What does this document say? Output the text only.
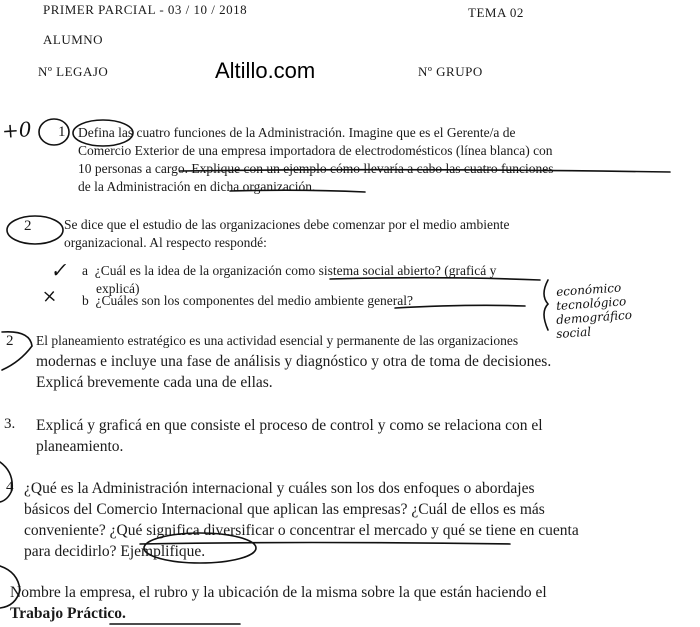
PRIMER PARCIAL - 03 / 10 / 2018	TEMA 02
ALUMNO
Nº LEGAJO	Altillo.com	Nº GRUPO
1 Defina las cuatro funciones de la Administración. Imagine que es el Gerente/a de

Comercio Exterior de una empresa importadora de electrodomésticos (línea blanca) con

10 personas a cargo. Explique con un ejemplo cómo llevaría a cabo las cuatro funciones

de la Administración en dicha organización.

2 Se dice que el estudio de las organizaciones debe comenzar por el medio ambiente

organizacional. Al respecto respondé:

a ¿Cuál es la idea de la organización como sistema social abierto? (graficá y

explicá)

b ¿Cuáles son los componentes del medio ambiente general?

2 El planeamiento estratégico es una actividad esencial y permanente de las organizaciones

modernas e incluye una fase de análisis y diagnóstico y otra de toma de decisiones.

Explicá brevemente cada una de ellas.

3. Explicá y graficá en que consiste el proceso de control y como se relaciona con el

planeamiento.

4 ¿Qué es la Administración internacional y cuáles son los dos enfoques o abordajes

básicos del Comercio Internacional que aplican las empresas? ¿Cuál de ellos es más

conveniente? ¿Qué significa diversificar o concentrar el mercado y qué se tiene en cuenta

para decidirlo? Ejemplifique.

Nombre la empresa, el rubro y la ubicación de la misma sobre la que están haciendo el

Trabajo Práctico.

+0
✓
×	económico
tecnológico
demográfico
social
